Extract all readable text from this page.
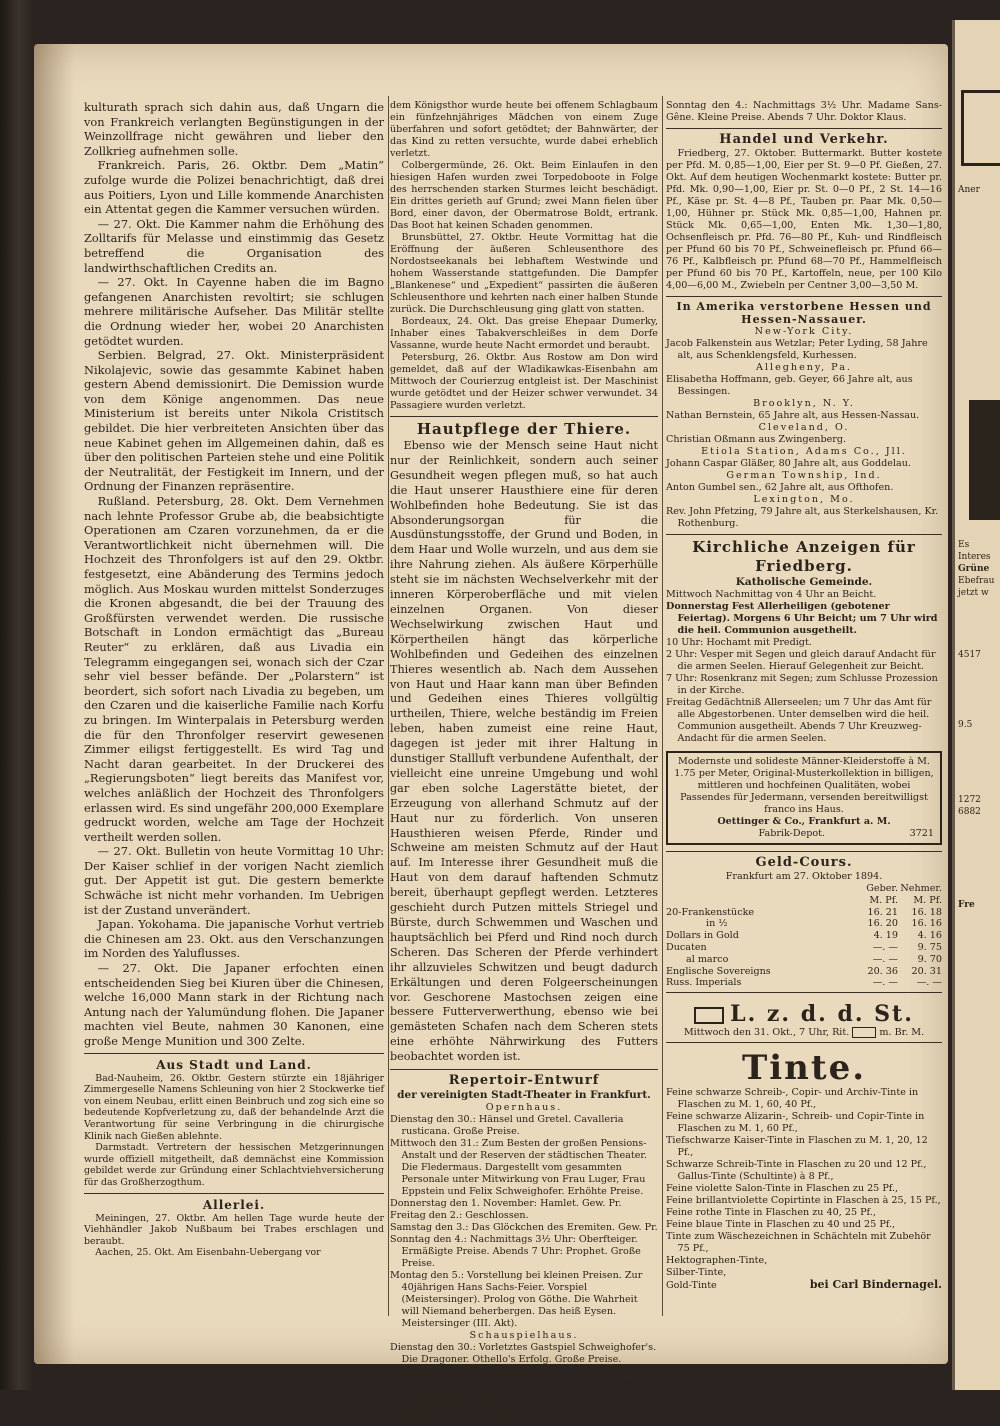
kulturath sprach sich dahin aus, daß Ungarn die von Frankreich verlangten Begünstigungen in der Weinzollfrage nicht gewähren und lieber den Zollkrieg aufnehmen solle.

Frankreich. Paris, 26. Oktbr. Dem „Matin“ zufolge wurde die Polizei benachrichtigt, daß drei aus Poitiers, Lyon und Lille kommende Anarchisten ein Attentat gegen die Kammer versuchen würden.

— 27. Okt. Die Kammer nahm die Erhöhung des Zolltarifs für Melasse und einstimmig das Gesetz betreffend die Organisation des landwirthschaftlichen Credits an.

— 27. Okt. In Cayenne haben die im Bagno gefangenen Anarchisten revoltirt; sie schlugen mehrere militärische Aufseher. Das Militär stellte die Ordnung wieder her, wobei 20 Anarchisten getödtet wurden.

Serbien. Belgrad, 27. Okt. Ministerpräsident Nikolajevic, sowie das gesammte Kabinet haben gestern Abend demissionirt. Die Demission wurde von dem Könige angenommen. Das neue Ministerium ist bereits unter Nikola Cristitsch gebildet. Die hier verbreiteten Ansichten über das neue Kabinet gehen im Allgemeinen dahin, daß es über den politischen Parteien stehe und eine Politik der Neutralität, der Festigkeit im Innern, und der Ordnung der Finanzen repräsentire.

Rußland. Petersburg, 28. Okt. Dem Vernehmen nach lehnte Professor Grube ab, die beabsichtigte Operationen am Czaren vorzunehmen, da er die Verantwortlichkeit nicht übernehmen will. Die Hochzeit des Thronfolgers ist auf den 29. Oktbr. festgesetzt, eine Abänderung des Termins jedoch möglich. Aus Moskau wurden mittelst Sonderzuges die Kronen abgesandt, die bei der Trauung des Großfürsten verwendet werden. Die russische Botschaft in London ermächtigt das „Bureau Reuter“ zu erklären, daß aus Livadia ein Telegramm eingegangen sei, wonach sich der Czar sehr viel besser befände. Der „Polarstern“ ist beordert, sich sofort nach Livadia zu begeben, um den Czaren und die kaiserliche Familie nach Korfu zu bringen. Im Winterpalais in Petersburg werden die für den Thronfolger reservirt gewesenen Zimmer eiligst fertiggestellt. Es wird Tag und Nacht daran gearbeitet. In der Druckerei des „Regierungsboten“ liegt bereits das Manifest vor, welches anläßlich der Hochzeit des Thronfolgers erlassen wird. Es sind ungefähr 200,000 Exemplare gedruckt worden, welche am Tage der Hochzeit vertheilt werden sollen.

— 27. Okt. Bulletin von heute Vormittag 10 Uhr: Der Kaiser schlief in der vorigen Nacht ziemlich gut. Der Appetit ist gut. Die gestern bemerkte Schwäche ist nicht mehr vorhanden. Im Uebrigen ist der Zustand unverändert.

Japan. Yokohama. Die japanische Vorhut vertrieb die Chinesen am 23. Okt. aus den Verschanzungen im Norden des Yaluflusses.

— 27. Okt. Die Japaner erfochten einen entscheidenden Sieg bei Kiuren über die Chinesen, welche 16,000 Mann stark in der Richtung nach Antung nach der Yalumündung flohen. Die Japaner machten viel Beute, nahmen 30 Kanonen, eine große Menge Munition und 300 Zelte.

Aus Stadt und Land.

Bad-Nauheim, 26. Oktbr. Gestern stürzte ein 18jähriger Zimmergeselle Namens Schleuning von hier 2 Stockwerke tief von einem Neubau, erlitt einen Beinbruch und zog sich eine so bedeutende Kopfverletzung zu, daß der behandelnde Arzt die Verantwortung für seine Verbringung in die chirurgische Klinik nach Gießen ablehnte.

Darmstadt. Vertretern der hessischen Metzgerinnungen wurde offiziell mitgetheilt, daß demnächst eine Kommission gebildet werde zur Gründung einer Schlachtviehversicherung für das Großherzogthum.

Allerlei.

Meiningen, 27. Oktbr. Am hellen Tage wurde heute der Viehhändler Jakob Nußbaum bei Trabes erschlagen und beraubt.

Aachen, 25. Okt. Am Eisenbahn-Uebergang vor

dem Königsthor wurde heute bei offenem Schlagbaum ein fünfzehnjähriges Mädchen von einem Zuge überfahren und sofort getödtet; der Bahnwärter, der das Kind zu retten versuchte, wurde dabei erheblich verletzt.

Colbergermünde, 26. Okt. Beim Einlaufen in den hiesigen Hafen wurden zwei Torpedoboote in Folge des herrschenden starken Sturmes leicht beschädigt. Ein drittes gerieth auf Grund; zwei Mann fielen über Bord, einer davon, der Obermatrose Boldt, ertrank. Das Boot hat keinen Schaden genommen.

Brunsbüttel, 27. Oktbr. Heute Vormittag hat die Eröffnung der äußeren Schleusenthore des Nordostseekanals bei lebhaftem Westwinde und hohem Wasserstande stattgefunden. Die Dampfer „Blankenese“ und „Expedient“ passirten die äußeren Schleusenthore und kehrten nach einer halben Stunde zurück. Die Durchschleusung ging glatt von statten.

Bordeaux, 24. Okt. Das greise Ehepaar Dumerky, Inhaber eines Tabakverschleißes in dem Dorfe Vassanne, wurde heute Nacht ermordet und beraubt.

Petersburg, 26. Oktbr. Aus Rostow am Don wird gemeldet, daß auf der Wladikawkas-Eisenbahn am Mittwoch der Courierzug entgleist ist. Der Maschinist wurde getödtet und der Heizer schwer verwundet. 34 Passagiere wurden verletzt.

Hautpflege der Thiere.

Ebenso wie der Mensch seine Haut nicht nur der Reinlichkeit, sondern auch seiner Gesundheit wegen pflegen muß, so hat auch die Haut unserer Hausthiere eine für deren Wohlbefinden hohe Bedeutung. Sie ist das Absonderungsorgan für die Ausdünstungsstoffe, der Grund und Boden, in dem Haar und Wolle wurzeln, und aus dem sie ihre Nahrung ziehen. Als äußere Körperhülle steht sie im nächsten Wechselverkehr mit der inneren Körperoberfläche und mit vielen einzelnen Organen. Von dieser Wechselwirkung zwischen Haut und Körpertheilen hängt das körperliche Wohlbefinden und Gedeihen des einzelnen Thieres wesentlich ab. Nach dem Aussehen von Haut und Haar kann man über Befinden und Gedeihen eines Thieres vollgültig urtheilen, Thiere, welche beständig im Freien leben, haben zumeist eine reine Haut, dagegen ist jeder mit ihrer Haltung in dunstiger Stallluft verbundene Aufenthalt, der vielleicht eine unreine Umgebung und wohl gar eben solche Lagerstätte bietet, der Erzeugung von allerhand Schmutz auf der Haut nur zu förderlich. Von unseren Hausthieren weisen Pferde, Rinder und Schweine am meisten Schmutz auf der Haut auf. Im Interesse ihrer Gesundheit muß die Haut von dem darauf haftenden Schmutz bereit, überhaupt gepflegt werden. Letzteres geschieht durch Putzen mittels Striegel und Bürste, durch Schwemmen und Waschen und hauptsächlich bei Pferd und Rind noch durch Scheren. Das Scheren der Pferde verhindert ihr allzuvieles Schwitzen und beugt dadurch Erkältungen und deren Folgeerscheinungen vor. Geschorene Mastochsen zeigen eine bessere Futterverwerthung, ebenso wie bei gemästeten Schafen nach dem Scheren stets eine erhöhte Nährwirkung des Futters beobachtet worden ist.

Repertoir-Entwurf
der vereinigten Stadt-Theater in Frankfurt.
Opernhaus.
Dienstag den 30.: Hänsel und Gretel. Cavalleria rusticana. Große Preise.
Mittwoch den 31.: Zum Besten der großen Pensions-Anstalt und der Reserven der städtischen Theater. Die Fledermaus. Dargestellt vom gesammten Personale unter Mitwirkung von Frau Luger, Frau Eppstein und Felix Schweighofer. Erhöhte Preise.
Donnerstag den 1. November: Hamlet. Gew. Pr.
Freitag den 2.: Geschlossen.
Samstag den 3.: Das Glöckchen des Eremiten. Gew. Pr.
Sonntag den 4.: Nachmittags 3½ Uhr: Oberfteiger. Ermäßigte Preise. Abends 7 Uhr: Prophet. Große Preise.
Montag den 5.: Vorstellung bei kleinen Preisen. Zur 40jährigen Hans Sachs-Feier. Vorspiel (Meistersinger). Prolog von Göthe. Die Wahrheit will Niemand beherbergen. Das heiß Eysen. Meistersinger (III. Akt).
Schauspielhaus.
Dienstag den 30.: Vorletztes Gastspiel Schweighofer's. Die Dragoner. Othello's Erfolg. Große Preise.
Mittwoch den 31.: Geschlossen.
Donnerstag den 1. November.: Abschieds-Vorstellung Schweighofers. Fiff. Große Preise.
Freitag den 2.: Das Käthchen von Heilbronn.
Samstag den 3.: Heinrich IV.

Sonntag den 4.: Nachmittags 3½ Uhr. Madame Sans-Gêne. Kleine Preise. Abends 7 Uhr. Doktor Klaus.

Handel und Verkehr.

Friedberg, 27. Oktober. Buttermarkt. Butter kostete per Pfd. M. 0,85—1,00, Eier per St. 9—0 Pf. Gießen, 27. Okt. Auf dem heutigen Wochenmarkt kostete: Butter pr. Pfd. Mk. 0,90—1,00, Eier pr. St. 0—0 Pf., 2 St. 14—16 Pf., Käse pr. St. 4—8 Pf., Tauben pr. Paar Mk. 0,50—1,00, Hühner pr. Stück Mk. 0,85—1,00, Hahnen pr. Stück Mk. 0,65—1,00, Enten Mk. 1,30—1,80, Ochsenfleisch pr. Pfd. 76—80 Pf., Kuh- und Rindfleisch per Pfund 60 bis 70 Pf., Schweinefleisch pr. Pfund 66—76 Pf., Kalbfleisch pr. Pfund 68—70 Pf., Hammelfleisch per Pfund 60 bis 70 Pf., Kartoffeln, neue, per 100 Kilo 4,00—6,00 M., Zwiebeln per Centner 3,00—3,50 M.

In Amerika verstorbene Hessen und Hessen-Nassauer.
New-York City.
Jacob Falkenstein aus Wetzlar; Peter Lyding, 58 Jahre alt, aus Schenklengsfeld, Kurhessen.
Allegheny, Pa.
Elisabetha Hoffmann, geb. Geyer, 66 Jahre alt, aus Bessingen.
Brooklyn, N. Y.
Nathan Bernstein, 65 Jahre alt, aus Hessen-Nassau.
Cleveland, O.
Christian Oßmann aus Zwingenberg.
Etiola Station, Adams Co., Jll.
Johann Caspar Gläßer, 80 Jahre alt, aus Goddelau.
German Township, Ind.
Anton Gumbel sen., 62 Jahre alt, aus Ofthofen.
Lexington, Mo.
Rev. John Pfetzing, 79 Jahre alt, aus Sterkelshausen, Kr. Rothenburg.
Kirchliche Anzeigen für Friedberg.
Katholische Gemeinde.
Mittwoch Nachmittag von 4 Uhr an Beicht.
Donnerstag Fest Allerheiligen (gebotener Feiertag). Morgens 6 Uhr Beicht; um 7 Uhr wird die heil. Communion ausgetheilt.
10 Uhr: Hochamt mit Predigt.
2 Uhr: Vesper mit Segen und gleich darauf Andacht für die armen Seelen. Hierauf Gelegenheit zur Beicht.
7 Uhr: Rosenkranz mit Segen; zum Schlusse Prozession in der Kirche.
Freitag Gedächtniß Allerseelen; um 7 Uhr das Amt für alle Abgestorbenen. Unter demselben wird die heil. Communion ausgetheilt. Abends 7 Uhr Kreuzweg-Andacht für die armen Seelen.
Modernste und solideste Männer-Kleiderstoffe à M. 1.75 per Meter, Original-Musterkollektion in billigen, mittleren und hochfeinen Qualitäten, wobei Passendes für Jedermann, versenden bereitwilligst franco ins Haus.
Oettinger & Co., Frankfurt a. M.
Fabrik-Depot.	3721
Geld-Cours.
Frankfurt am 27. Oktober 1894.
	Geber.	Nehmer.
	M. Pf.	M. Pf.
20-Frankenstücke	16. 21	16. 18
in ½	16. 20	16. 16
Dollars in Gold	4. 19	4. 16
Ducaten	—. —	9. 75
al marco	—. —	9. 70
Englische Sovereigns	20. 36	20. 31
Russ. Imperials	—. —	—. —
L. z. d. d. St.
Mittwoch den 31. Okt., 7 Uhr, Rit.	m. Br. M.
Tinte.
Feine schwarze Schreib-, Copir- und Archiv-Tinte in Flaschen zu M. 1, 60, 40 Pf.,
Feine schwarze Alizarin-, Schreib- und Copir-Tinte in Flaschen zu M. 1, 60 Pf.,
Tiefschwarze Kaiser-Tinte in Flaschen zu M. 1, 20, 12 Pf.,
Schwarze Schreib-Tinte in Flaschen zu 20 und 12 Pf., Gallus-Tinte (Schultinte) à 8 Pf.,
Feine violette Salon-Tinte in Flaschen zu 25 Pf.,
Feine brillantviolette Copirtinte in Flaschen à 25, 15 Pf.,
Feine rothe Tinte in Flaschen zu 40, 25 Pf.,
Feine blaue Tinte in Flaschen zu 40 und 25 Pf.,
Tinte zum Wäschezeichnen in Schächteln mit Zubehör 75 Pf.,
Hektographen-Tinte,
Silber-Tinte,
Gold-Tinte	bei Carl Bindernagel.
Aner
Es
Interes
Grüne
Ebefrau
jetzt w
4517
9.5
1272
6882
Fre
